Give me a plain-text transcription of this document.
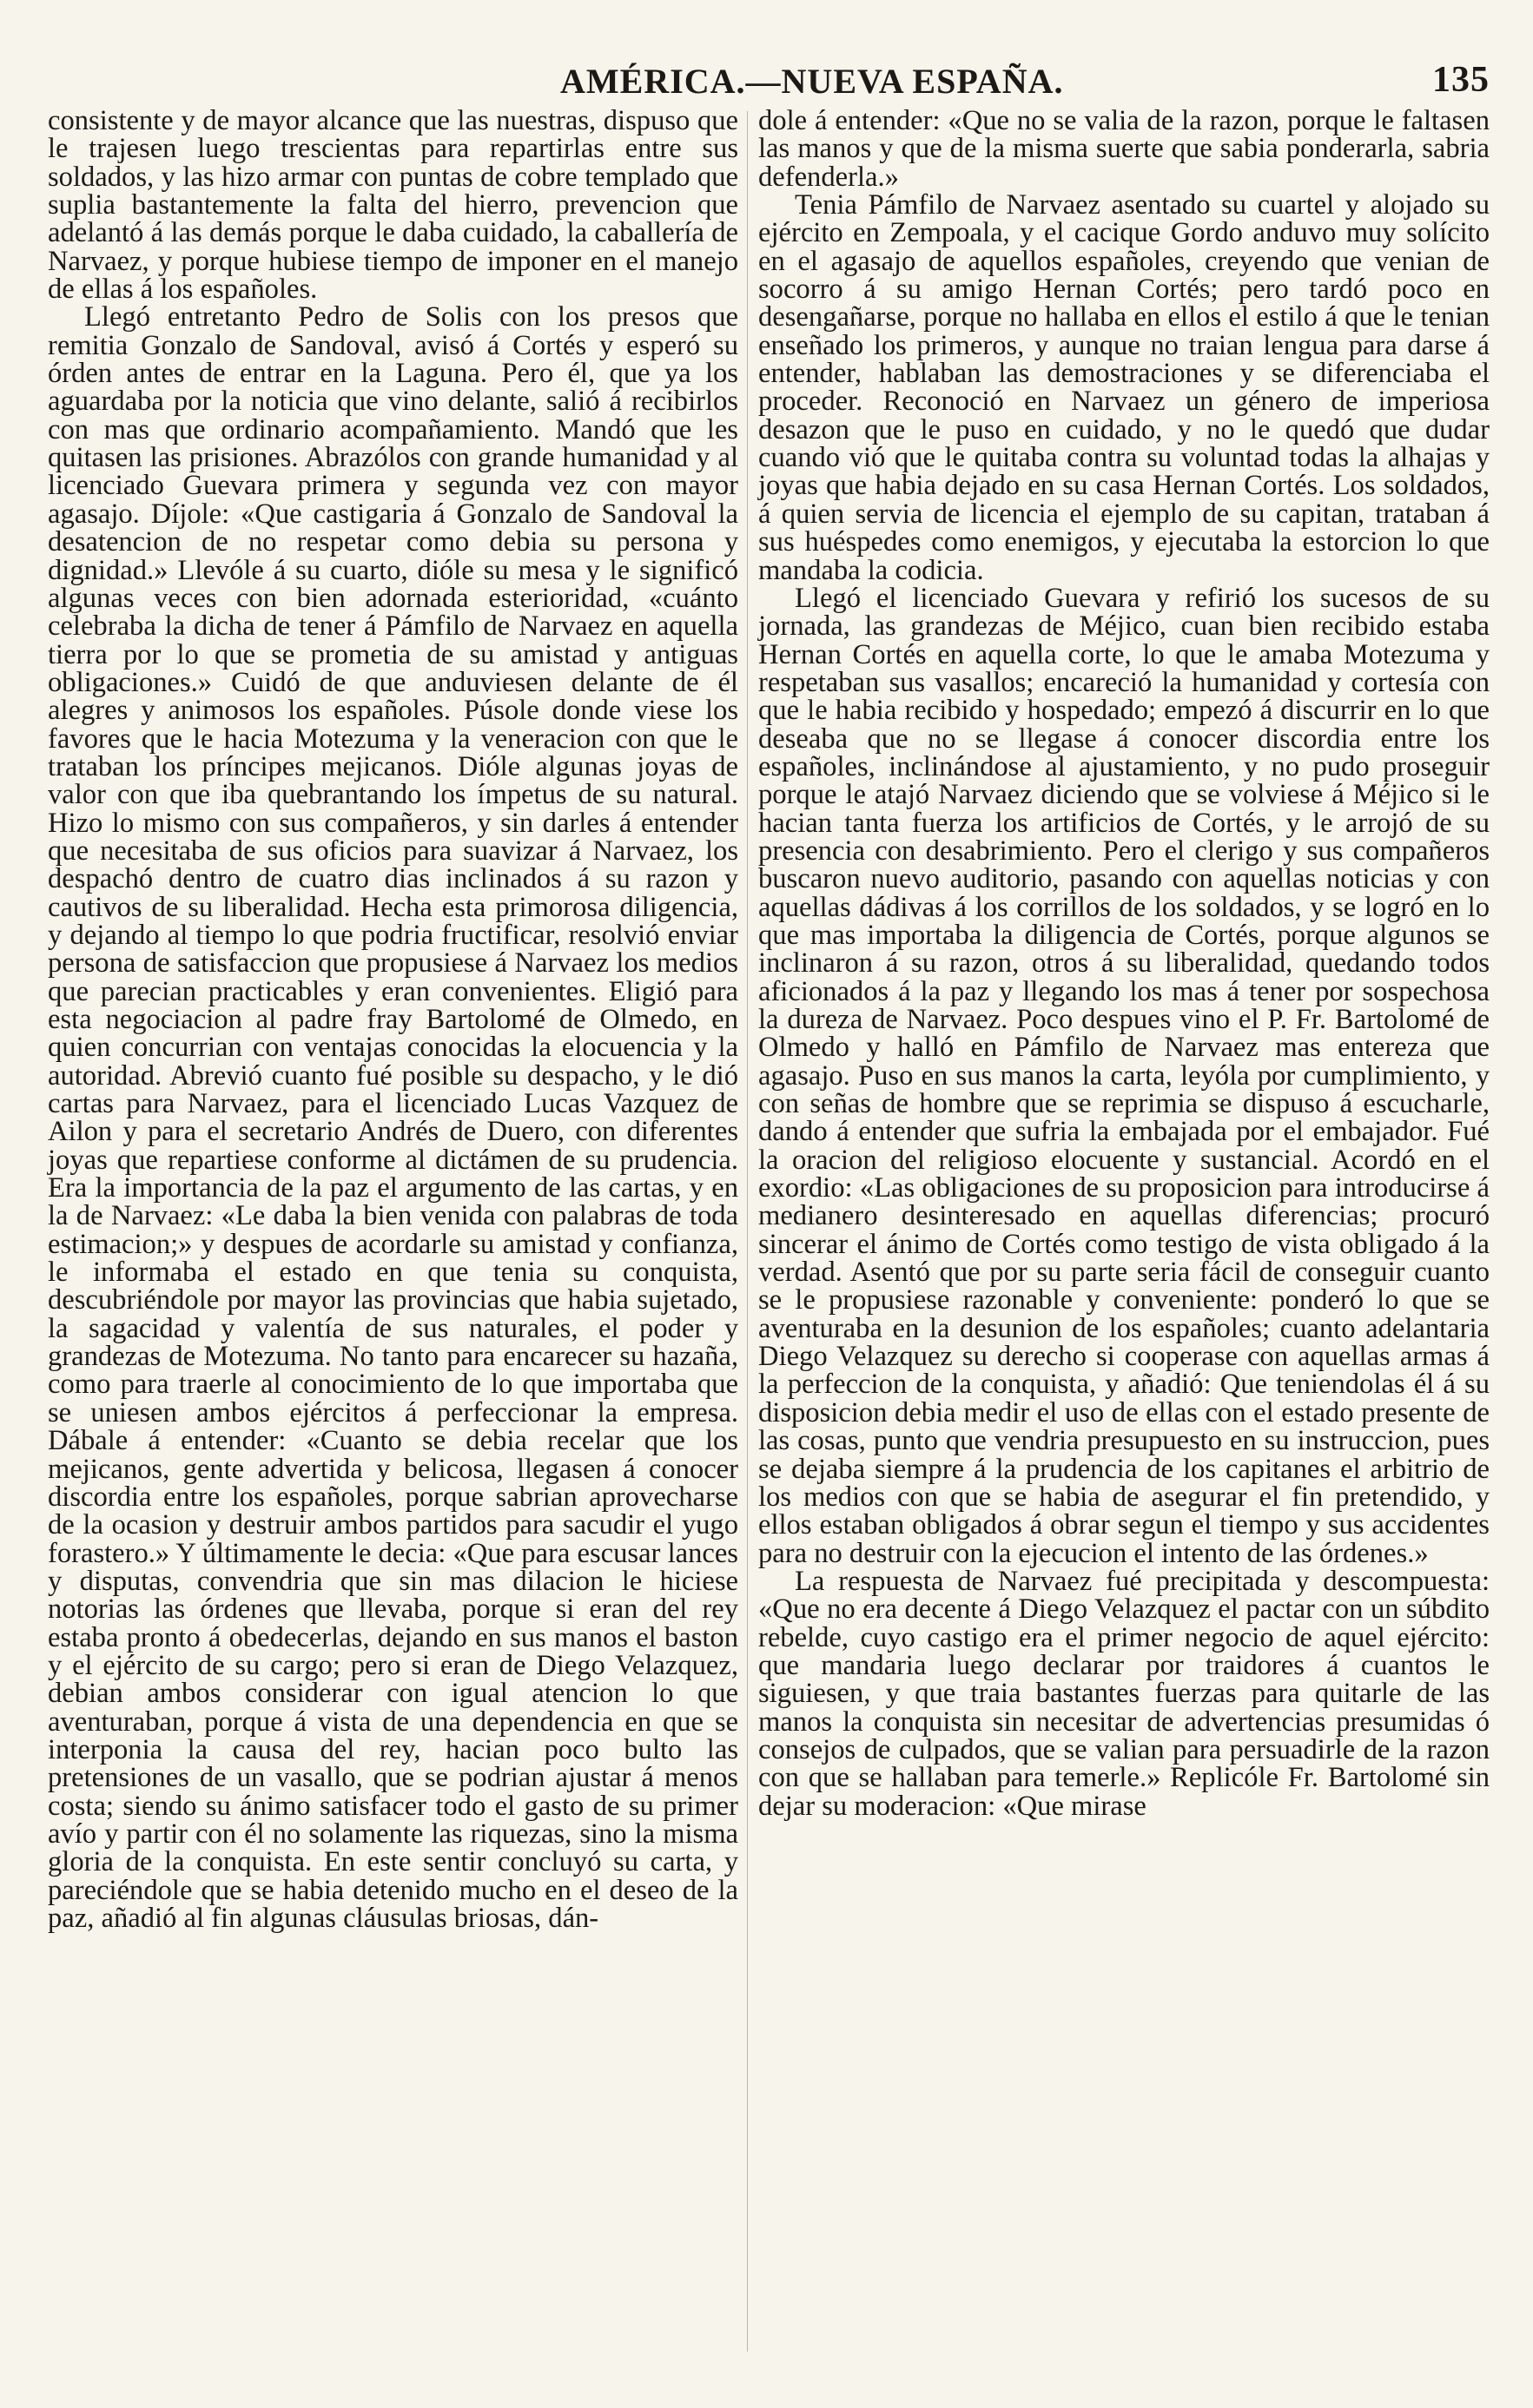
AMÉRICA.—NUEVA ESPAÑA.	135

consistente y de mayor alcance que las nuestras, dispuso que le trajesen luego trescientas para repartirlas entre sus soldados, y las hizo armar con puntas de cobre templado que suplia bastantemente la falta del hierro, prevencion que adelantó á las demás porque le daba cuidado, la caballería de Narvaez, y porque hubiese tiempo de imponer en el manejo de ellas á los españoles.

Llegó entretanto Pedro de Solis con los presos que remitia Gonzalo de Sandoval, avisó á Cortés y esperó su órden antes de entrar en la Laguna. Pero él, que ya los aguardaba por la noticia que vino delante, salió á recibirlos con mas que ordinario acompañamiento. Mandó que les quitasen las prisiones. Abrazólos con grande humanidad y al licenciado Guevara primera y segunda vez con mayor agasajo. Díjole: «Que castigaria á Gonzalo de Sandoval la desatencion de no respetar como debia su persona y dignidad.» Llevóle á su cuarto, dióle su mesa y le significó algunas veces con bien adornada esterioridad, «cuánto celebraba la dicha de tener á Pámfilo de Narvaez en aquella tierra por lo que se prometia de su amistad y antiguas obligaciones.» Cuidó de que anduviesen delante de él alegres y animosos los españoles. Púsole donde viese los favores que le hacia Motezuma y la veneracion con que le trataban los príncipes mejicanos. Dióle algunas joyas de valor con que iba quebrantando los ímpetus de su natural. Hizo lo mismo con sus compañeros, y sin darles á entender que necesitaba de sus oficios para suavizar á Narvaez, los despachó dentro de cuatro dias inclinados á su razon y cautivos de su liberalidad. Hecha esta primorosa diligencia, y dejando al tiempo lo que podria fructificar, resolvió enviar persona de satisfaccion que propusiese á Narvaez los medios que parecian practicables y eran convenientes. Eligió para esta negociacion al padre fray Bartolomé de Olmedo, en quien concurrian con ventajas conocidas la elocuencia y la autoridad. Abrevió cuanto fué posible su despacho, y le dió cartas para Narvaez, para el licenciado Lucas Vazquez de Ailon y para el secretario Andrés de Duero, con diferentes joyas que repartiese conforme al dictámen de su prudencia. Era la importancia de la paz el argumento de las cartas, y en la de Narvaez: «Le daba la bien venida con palabras de toda estimacion;» y despues de acordarle su amistad y confianza, le informaba el estado en que tenia su conquista, descubriéndole por mayor las provincias que habia sujetado, la sagacidad y valentía de sus naturales, el poder y grandezas de Motezuma. No tanto para encarecer su hazaña, como para traerle al conocimiento de lo que importaba que se uniesen ambos ejércitos á perfeccionar la empresa. Dábale á entender: «Cuanto se debia recelar que los mejicanos, gente advertida y belicosa, llegasen á conocer discordia entre los españoles, porque sabrian aprovecharse de la ocasion y destruir ambos partidos para sacudir el yugo forastero.» Y últimamente le decia: «Que para escusar lances y disputas, convendria que sin mas dilacion le hiciese notorias las órdenes que llevaba, porque si eran del rey estaba pronto á obedecerlas, dejando en sus manos el baston y el ejército de su cargo; pero si eran de Diego Velazquez, debian ambos considerar con igual atencion lo que aventuraban, porque á vista de una dependencia en que se interponia la causa del rey, hacian poco bulto las pretensiones de un vasallo, que se podrian ajustar á menos costa; siendo su ánimo satisfacer todo el gasto de su primer avío y partir con él no solamente las riquezas, sino la misma gloria de la conquista. En este sentir concluyó su carta, y pareciéndole que se habia detenido mucho en el deseo de la paz, añadió al fin algunas cláusulas briosas, dán-

dole á entender: «Que no se valia de la razon, porque le faltasen las manos y que de la misma suerte que sabia ponderarla, sabria defenderla.»

Tenia Pámfilo de Narvaez asentado su cuartel y alojado su ejército en Zempoala, y el cacique Gordo anduvo muy solícito en el agasajo de aquellos españoles, creyendo que venian de socorro á su amigo Hernan Cortés; pero tardó poco en desengañarse, porque no hallaba en ellos el estilo á que le tenian enseñado los primeros, y aunque no traian lengua para darse á entender, hablaban las demostraciones y se diferenciaba el proceder. Reconoció en Narvaez un género de imperiosa desazon que le puso en cuidado, y no le quedó que dudar cuando vió que le quitaba contra su voluntad todas la alhajas y joyas que habia dejado en su casa Hernan Cortés. Los soldados, á quien servia de licencia el ejemplo de su capitan, trataban á sus huéspedes como enemigos, y ejecutaba la estorcion lo que mandaba la codicia.

Llegó el licenciado Guevara y refirió los sucesos de su jornada, las grandezas de Méjico, cuan bien recibido estaba Hernan Cortés en aquella corte, lo que le amaba Motezuma y respetaban sus vasallos; encareció la humanidad y cortesía con que le habia recibido y hospedado; empezó á discurrir en lo que deseaba que no se llegase á conocer discordia entre los españoles, inclinándose al ajustamiento, y no pudo proseguir porque le atajó Narvaez diciendo que se volviese á Méjico si le hacian tanta fuerza los artificios de Cortés, y le arrojó de su presencia con desabrimiento. Pero el clerigo y sus compañeros buscaron nuevo auditorio, pasando con aquellas noticias y con aquellas dádivas á los corrillos de los soldados, y se logró en lo que mas importaba la diligencia de Cortés, porque algunos se inclinaron á su razon, otros á su liberalidad, quedando todos aficionados á la paz y llegando los mas á tener por sospechosa la dureza de Narvaez. Poco despues vino el P. Fr. Bartolomé de Olmedo y halló en Pámfilo de Narvaez mas entereza que agasajo. Puso en sus manos la carta, leyóla por cumplimiento, y con señas de hombre que se reprimia se dispuso á escucharle, dando á entender que sufria la embajada por el embajador. Fué la oracion del religioso elocuente y sustancial. Acordó en el exordio: «Las obligaciones de su proposicion para introducirse á medianero desinteresado en aquellas diferencias; procuró sincerar el ánimo de Cortés como testigo de vista obligado á la verdad. Asentó que por su parte seria fácil de conseguir cuanto se le propusiese razonable y conveniente: ponderó lo que se aventuraba en la desunion de los españoles; cuanto adelantaria Diego Velazquez su derecho si cooperase con aquellas armas á la perfeccion de la conquista, y añadió: Que teniendolas él á su disposicion debia medir el uso de ellas con el estado presente de las cosas, punto que vendria presupuesto en su instruccion, pues se dejaba siempre á la prudencia de los capitanes el arbitrio de los medios con que se habia de asegurar el fin pretendido, y ellos estaban obligados á obrar segun el tiempo y sus accidentes para no destruir con la ejecucion el intento de las órdenes.»

La respuesta de Narvaez fué precipitada y descompuesta: «Que no era decente á Diego Velazquez el pactar con un súbdito rebelde, cuyo castigo era el primer negocio de aquel ejército: que mandaria luego declarar por traidores á cuantos le siguiesen, y que traia bastantes fuerzas para quitarle de las manos la conquista sin necesitar de advertencias presumidas ó consejos de culpados, que se valian para persuadirle de la razon con que se hallaban para temerle.» Replicóle Fr. Bartolomé sin dejar su moderacion: «Que mirase
